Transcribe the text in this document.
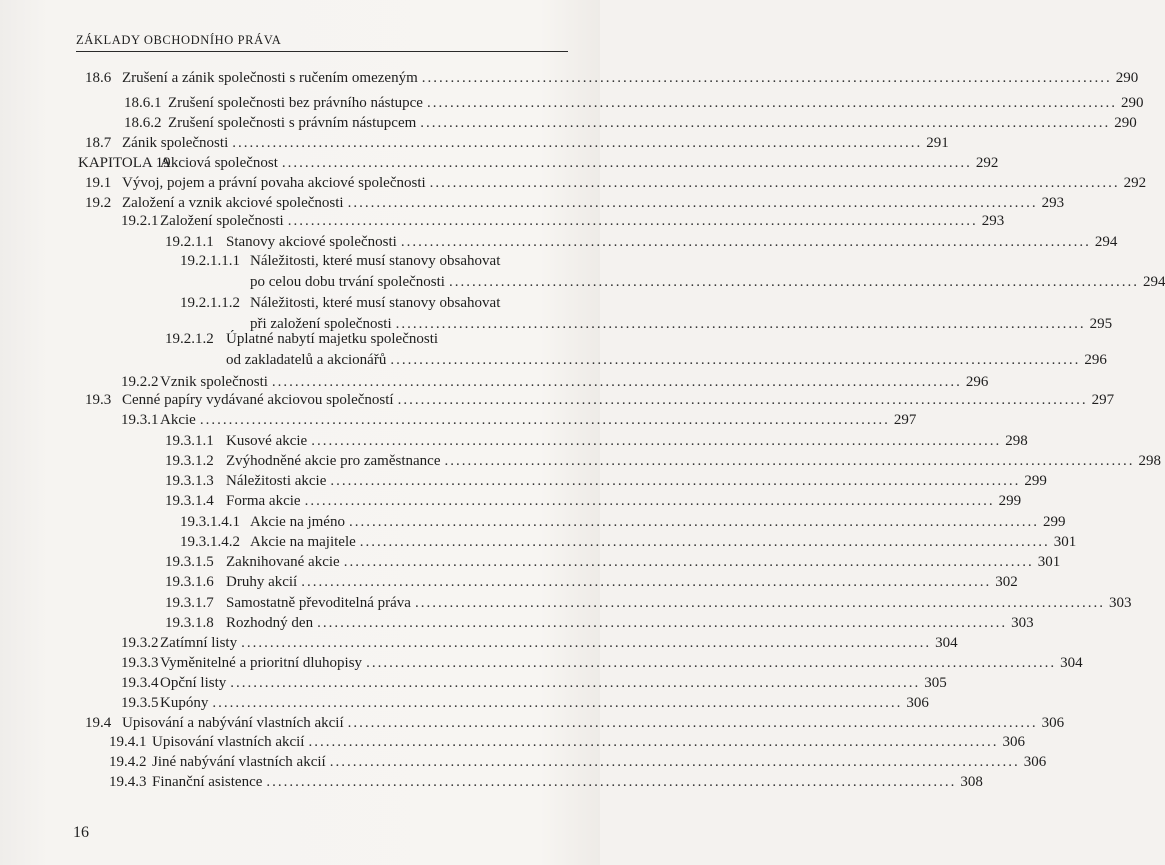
ZÁKLADY OBCHODNÍHO PRÁVA
18.6 Zrušení a zánik společnosti s ručením omezeným ........................................................................................................................ 290
18.6.1 Zrušení společnosti bez právního nástupce ........................................................................................................................ 290
18.6.2 Zrušení společnosti s právním nástupcem ........................................................................................................................ 290
18.7 Zánik společnosti ........................................................................................................................ 291
KAPITOLA 19
Akciová společnost ........................................................................................................................ 292
19.1 Vývoj, pojem a právní povaha akciové společnosti ........................................................................................................................ 292
19.2 Založení a vznik akciové společnosti ........................................................................................................................ 293
19.2.1 Založení společnosti ........................................................................................................................ 293
19.2.1.1 Stanovy akciové společnosti ........................................................................................................................ 294
19.2.1.1.1 Náležitosti, které musí stanovy obsahovat
po celou dobu trvání společnosti ........................................................................................................................ 294
19.2.1.1.2 Náležitosti, které musí stanovy obsahovat
při založení společnosti ........................................................................................................................ 295
19.2.1.2 Úplatné nabytí majetku společnosti
od zakladatelů a akcionářů ........................................................................................................................ 296
19.2.2 Vznik společnosti ........................................................................................................................ 296
19.3 Cenné papíry vydávané akciovou společností ........................................................................................................................ 297
19.3.1 Akcie ........................................................................................................................ 297
19.3.1.1 Kusové akcie ........................................................................................................................ 298
19.3.1.2 Zvýhodněné akcie pro zaměstnance ........................................................................................................................ 298
19.3.1.3 Náležitosti akcie ........................................................................................................................ 299
19.3.1.4 Forma akcie ........................................................................................................................ 299
19.3.1.4.1 Akcie na jméno ........................................................................................................................ 299
19.3.1.4.2 Akcie na majitele ........................................................................................................................ 301
19.3.1.5 Zaknihované akcie ........................................................................................................................ 301
19.3.1.6 Druhy akcií ........................................................................................................................ 302
19.3.1.7 Samostatně převoditelná práva ........................................................................................................................ 303
19.3.1.8 Rozhodný den ........................................................................................................................ 303
19.3.2 Zatímní listy ........................................................................................................................ 304
19.3.3 Vyměnitelné a prioritní dluhopisy ........................................................................................................................ 304
19.3.4 Opční listy ........................................................................................................................ 305
19.3.5 Kupóny ........................................................................................................................ 306
19.4 Upisování a nabývání vlastních akcií ........................................................................................................................ 306
19.4.1 Upisování vlastních akcií ........................................................................................................................ 306
19.4.2 Jiné nabývání vlastních akcií ........................................................................................................................ 306
19.4.3 Finanční asistence ........................................................................................................................ 308
16
